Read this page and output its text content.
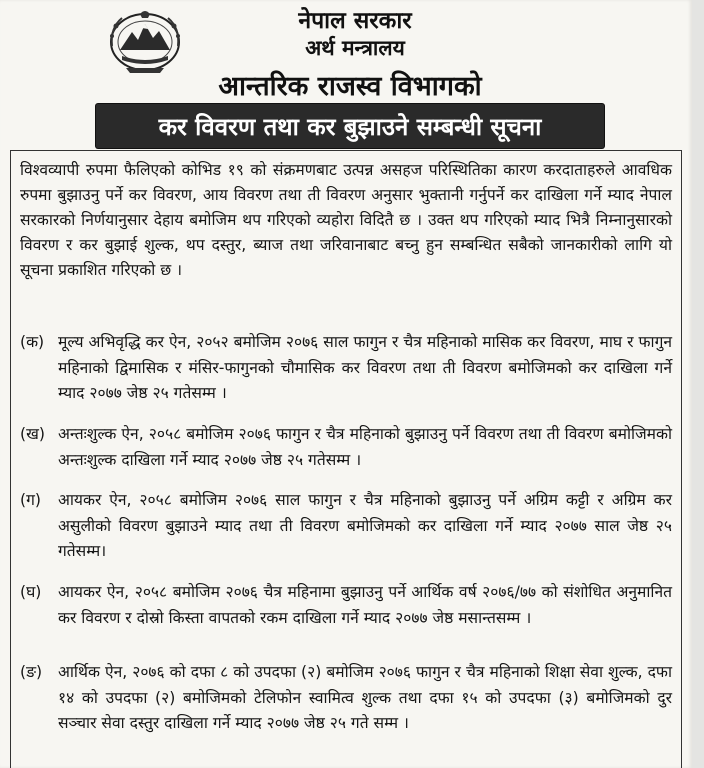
नेपाल सरकार
अर्थ मन्त्रालय
आन्तरिक राजस्व विभागको
कर विवरण तथा कर बुझाउने सम्बन्धी सूचना

विश्वव्यापी रुपमा फैलिएको कोभिड १९ को संक्रमणबाट उत्पन्न असहज परिस्थितिका कारण करदाताहरुले आवधिक रुपमा बुझाउनु पर्ने कर विवरण, आय विवरण तथा ती विवरण अनुसार भुक्तानी गर्नुपर्ने कर दाखिला गर्ने म्याद नेपाल सरकारको निर्णयानुसार देहाय बमोजिम थप गरिएको व्यहोरा विदितै छ । उक्त थप गरिएको म्याद भित्रै निम्नानुसारको विवरण र कर बुझाई शुल्क, थप दस्तुर, ब्याज तथा जरिवानाबाट बच्नु हुन सम्बन्धित सबैको जानकारीको लागि यो सूचना प्रकाशित गरिएको छ ।

(क) मूल्य अभिवृद्धि कर ऐन, २०५२ बमोजिम २०७६ साल फागुन र चैत्र महिनाको मासिक कर विवरण, माघ र फागुन महिनाको द्विमासिक र मंसिर-फागुनको चौमासिक कर विवरण तथा ती विवरण बमोजिमको कर दाखिला गर्ने म्याद २०७७ जेष्ठ २५ गतेसम्म ।

(ख) अन्तःशुल्क ऐन, २०५८ बमोजिम २०७६ फागुन र चैत्र महिनाको बुझाउनु पर्ने विवरण तथा ती विवरण बमोजिमको अन्तःशुल्क दाखिला गर्ने म्याद २०७७ जेष्ठ २५ गतेसम्म ।

(ग) आयकर ऐन, २०५८ बमोजिम २०७६ साल फागुन र चैत्र महिनाको बुझाउनु पर्ने अग्रिम कट्टी र अग्रिम कर असुलीको विवरण बुझाउने म्याद तथा ती विवरण बमोजिमको कर दाखिला गर्ने म्याद २०७७ साल जेष्ठ २५ गतेसम्म।

(घ) आयकर ऐन, २०५८ बमोजिम २०७६ चैत्र महिनामा बुझाउनु पर्ने आर्थिक वर्ष २०७६/७७ को संशोधित अनुमानित कर विवरण र दोस्रो किस्ता वापतको रकम दाखिला गर्ने म्याद २०७७ जेष्ठ मसान्तसम्म ।

(ङ) आर्थिक ऐन, २०७६ को दफा ८ को उपदफा (२) बमोजिम २०७६ फागुन र चैत्र महिनाको शिक्षा सेवा शुल्क, दफा १४ को उपदफा (२) बमोजिमको टेलिफोन स्वामित्व शुल्क तथा दफा १५ को उपदफा (३) बमोजिमको दुर सञ्चार सेवा दस्तुर दाखिला गर्ने म्याद २०७७ जेष्ठ २५ गते सम्म ।
